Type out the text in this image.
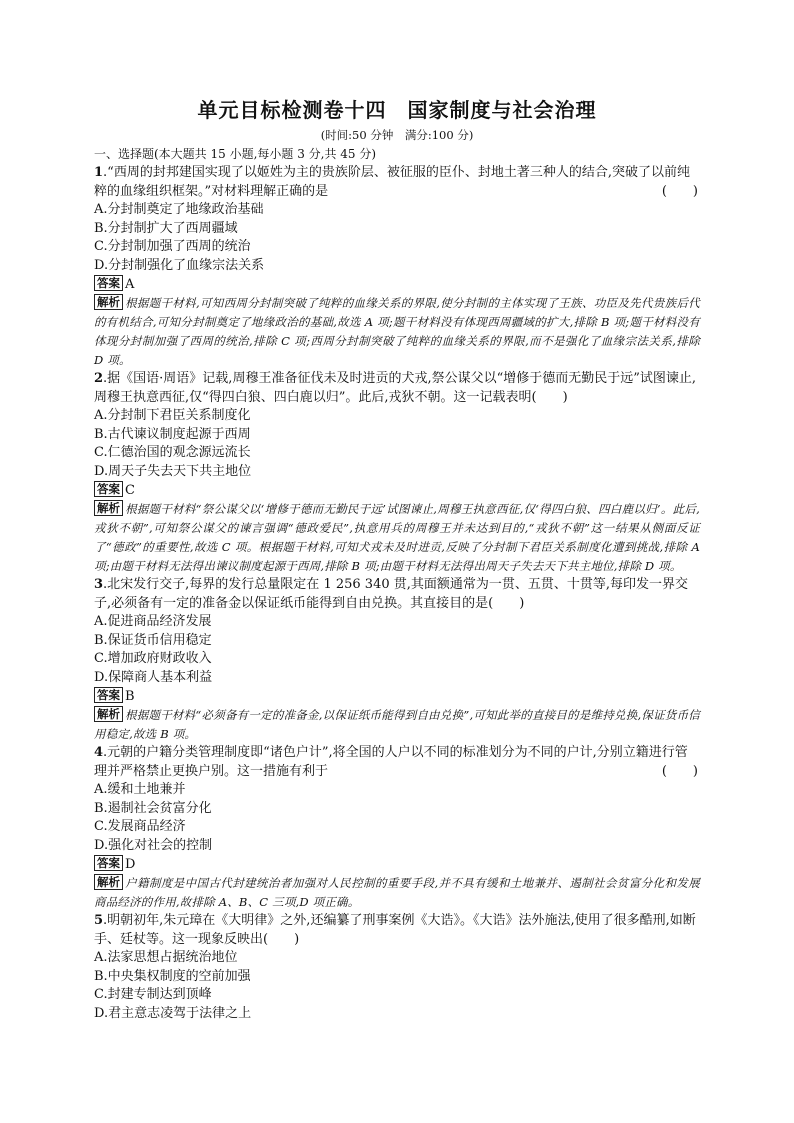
单元目标检测卷十四　国家制度与社会治理
(时间:50 分钟　满分:100 分)
一、选择题(本大题共 15 小题,每小题 3 分,共 45 分)
1.“西周的封邦建国实现了以姬姓为主的贵族阶层、被征服的臣仆、封地土著三种人的结合,突破了以前纯粹的血缘组织框架。”对材料理解正确的是	(　　)
A.分封制奠定了地缘政治基础
B.分封制扩大了西周疆域
C.分封制加强了西周的统治
D.分封制强化了血缘宗法关系
答案 A
解析 根据题干材料,可知西周分封制突破了纯粹的血缘关系的界限,使分封制的主体实现了王族、功臣及先代贵族后代的有机结合,可知分封制奠定了地缘政治的基础,故选 A 项;题干材料没有体现西周疆域的扩大,排除 B 项;题干材料没有体现分封制加强了西周的统治,排除 C 项;西周分封制突破了纯粹的血缘关系的界限,而不是强化了血缘宗法关系,排除 D 项。
2.据《国语·周语》记载,周穆王准备征伐未及时进贡的犬戎,祭公谋父以“增修于德而无勤民于远”试图谏止,周穆王执意西征,仅“得四白狼、四白鹿以归”。此后,戎狄不朝。这一记载表明(　　)
A.分封制下君臣关系制度化
B.古代谏议制度起源于西周
C.仁德治国的观念源远流长
D.周天子失去天下共主地位
答案 C
解析 根据题干材料“祭公谋父以‘增修于德而无勤民于远’试图谏止,周穆王执意西征,仅‘得四白狼、四白鹿以归’。此后,戎狄不朝”,可知祭公谋父的谏言强调“德政爱民”,执意用兵的周穆王并未达到目的,“戎狄不朝”这一结果从侧面反证了“德政”的重要性,故选 C 项。根据题干材料,可知犬戎未及时进贡,反映了分封制下君臣关系制度化遭到挑战,排除 A 项;由题干材料无法得出谏议制度起源于西周,排除 B 项;由题干材料无法得出周天子失去天下共主地位,排除 D 项。
3.北宋发行交子,每界的发行总量限定在 1 256 340 贯,其面额通常为一贯、五贯、十贯等,每印发一界交子,必须备有一定的准备金以保证纸币能得到自由兑换。其直接目的是(　　)
A.促进商品经济发展
B.保证货币信用稳定
C.增加政府财政收入
D.保障商人基本利益
答案 B
解析 根据题干材料“必须备有一定的准备金,以保证纸币能得到自由兑换”,可知此举的直接目的是维持兑换,保证货币信用稳定,故选 B 项。
4.元朝的户籍分类管理制度即“诸色户计”,将全国的人户以不同的标准划分为不同的户计,分别立籍进行管理并严格禁止更换户别。这一措施有利于	(　　)
A.缓和土地兼并
B.遏制社会贫富分化
C.发展商品经济
D.强化对社会的控制
答案 D
解析 户籍制度是中国古代封建统治者加强对人民控制的重要手段,并不具有缓和土地兼并、遏制社会贫富分化和发展商品经济的作用,故排除 A、B、C 三项,D 项正确。
5.明朝初年,朱元璋在《大明律》之外,还编纂了刑事案例《大诰》。《大诰》法外施法,使用了很多酷刑,如断手、廷杖等。这一现象反映出(　　)
A.法家思想占据统治地位
B.中央集权制度的空前加强
C.封建专制达到顶峰
D.君主意志凌驾于法律之上
